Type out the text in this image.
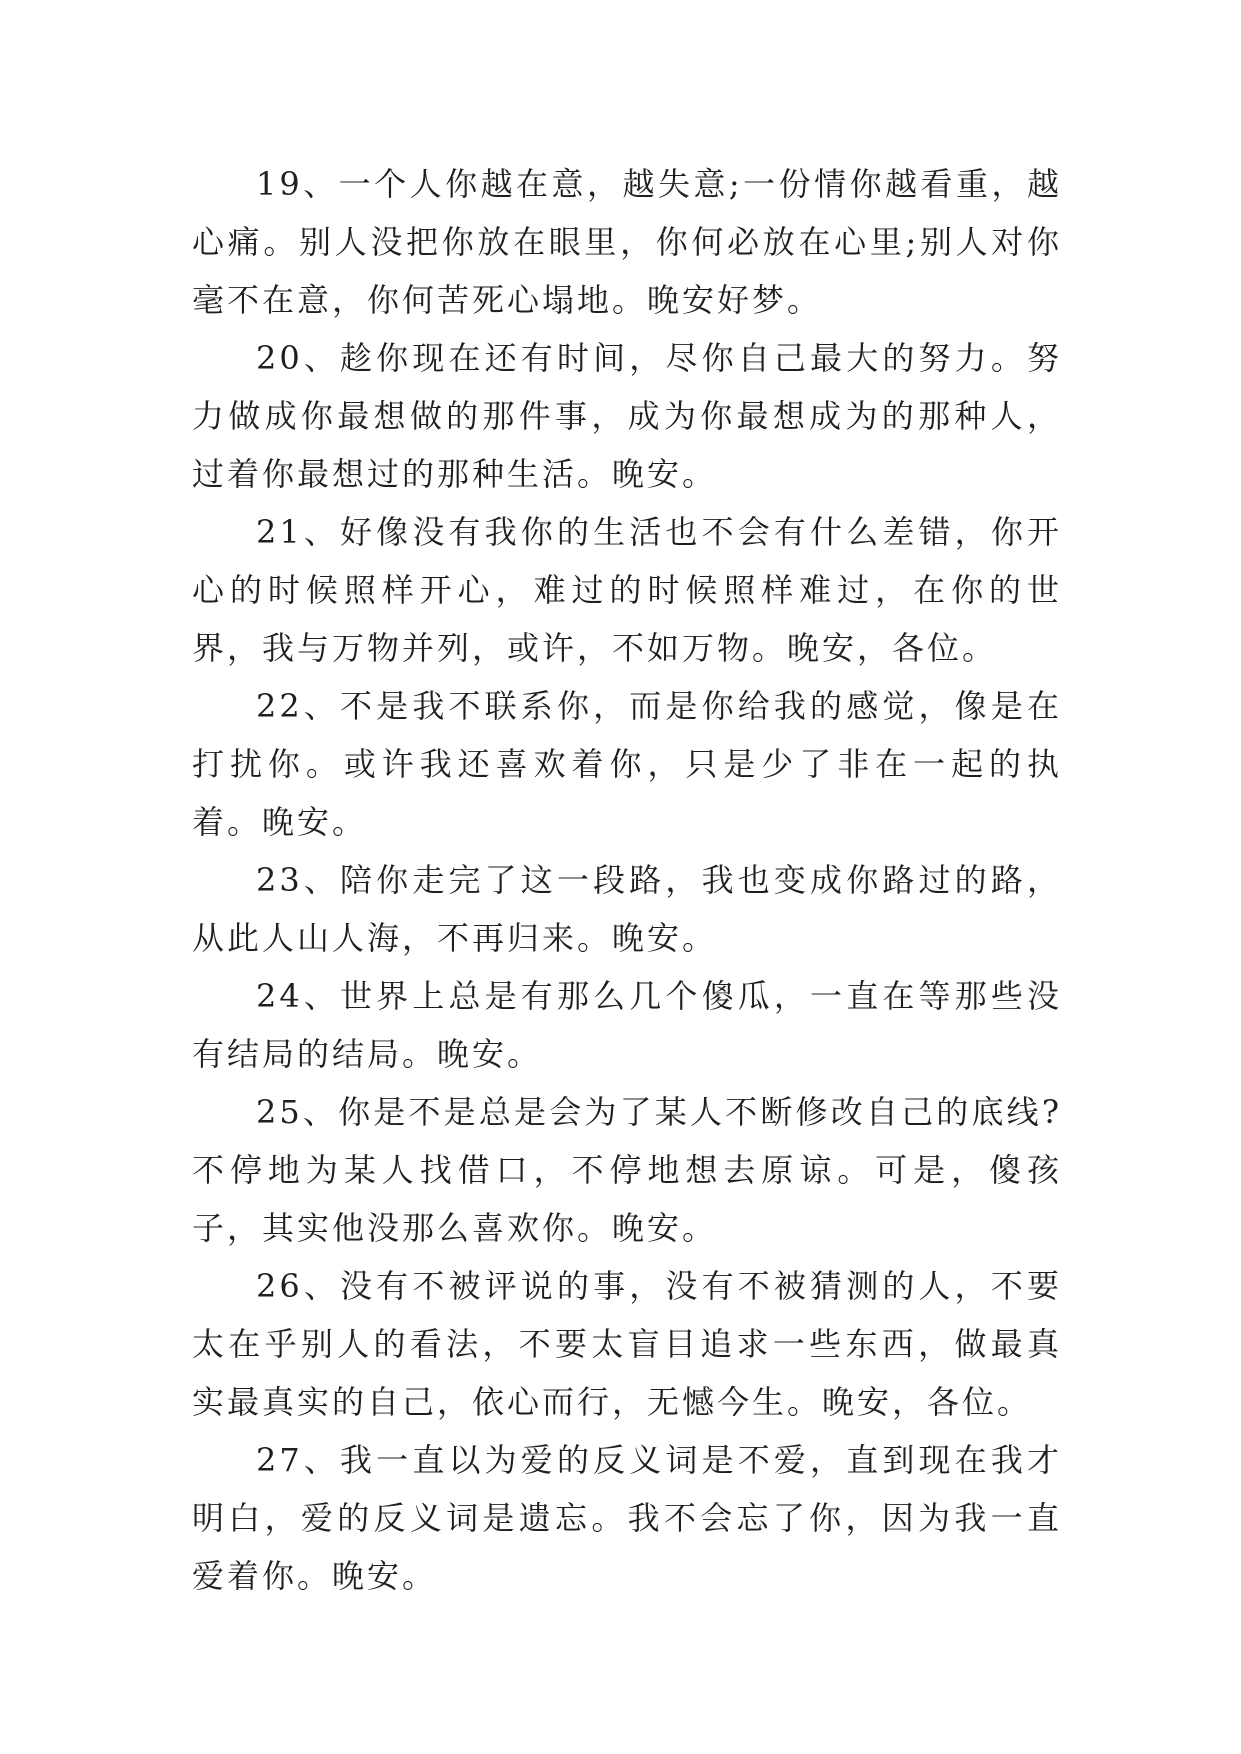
19、一个人你越在意，越失意;一份情你越看重，越心痛。别人没把你放在眼里，你何必放在心里;别人对你毫不在意，你何苦死心塌地。晚安好梦。

20、趁你现在还有时间，尽你自己最大的努力。努力做成你最想做的那件事，成为你最想成为的那种人，过着你最想过的那种生活。晚安。

21、好像没有我你的生活也不会有什么差错，你开心的时候照样开心，难过的时候照样难过，在你的世界，我与万物并列，或许，不如万物。晚安，各位。

22、不是我不联系你，而是你给我的感觉，像是在打扰你。或许我还喜欢着你，只是少了非在一起的执着。晚安。

23、陪你走完了这一段路，我也变成你路过的路，从此人山人海，不再归来。晚安。

24、世界上总是有那么几个傻瓜，一直在等那些没有结局的结局。晚安。

25、你是不是总是会为了某人不断修改自己的底线?不停地为某人找借口，不停地想去原谅。可是，傻孩子，其实他没那么喜欢你。晚安。

26、没有不被评说的事，没有不被猜测的人，不要太在乎别人的看法，不要太盲目追求一些东西，做最真实最真实的自己，依心而行，无憾今生。晚安，各位。

27、我一直以为爱的反义词是不爱，直到现在我才明白，爱的反义词是遗忘。我不会忘了你，因为我一直爱着你。晚安。
